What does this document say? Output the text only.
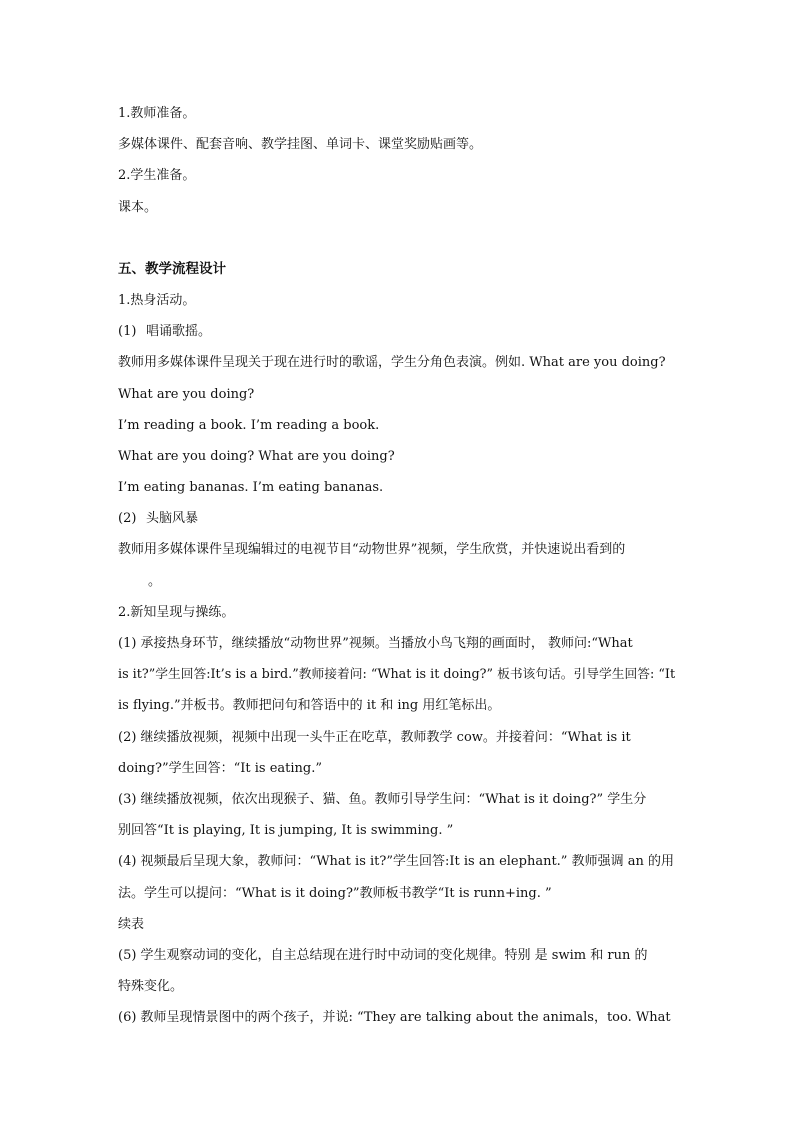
1.教师准备。
多媒体课件、配套音响、教学挂图、单词卡、课堂奖励贴画等。
2.学生准备。
课本。
五、教学流程设计
1.热身活动。
(1) 唱诵歌摇。
教师用多媒体课件呈现关于现在进行时的歌谣，学生分角色表演。例如. What are you doing?
What are you doing?
I’m reading a book. I’m reading a book.
What are you doing? What are you doing?
I’m eating bananas. I’m eating bananas.
(2) 头脑风暴
教师用多媒体课件呈现编辑过的电视节目“动物世界”视频，学生欣赏，并快速说出看到的
。
2.新知呈现与操练。
(1) 承接热身环节，继续播放“动物世界”视频。当播放小鸟飞翔的画面时， 教师问:“What
is it?”学生回答:It’s is a bird.”教师接着问: “What is it doing?” 板书该句话。引导学生回答: “It
is flying.”并板书。教师把问句和答语中的 it 和 ing 用红笔标出。
(2) 继续播放视频，视频中出现一头牛正在吃草，教师教学 cow。并接着问：“What is it
doing?”学生回答：“It is eating.”
(3) 继续播放视频，依次出现猴子、猫、鱼。教师引导学生问：“What is it doing?” 学生分
别回答“It is playing, It is jumping, It is swimming. ”
(4) 视频最后呈现大象，教师问：“What is it?”学生回答:It is an elephant.” 教师强调 an 的用
法。学生可以提问：“What is it doing?”教师板书教学“It is runn+ing. ”
续表
(5) 学生观察动词的变化，自主总结现在进行时中动词的变化规律。特别 是 swim 和 run 的
特殊变化。
(6) 教师呈现情景图中的两个孩子，并说: “They are talking about the animals，too. What
